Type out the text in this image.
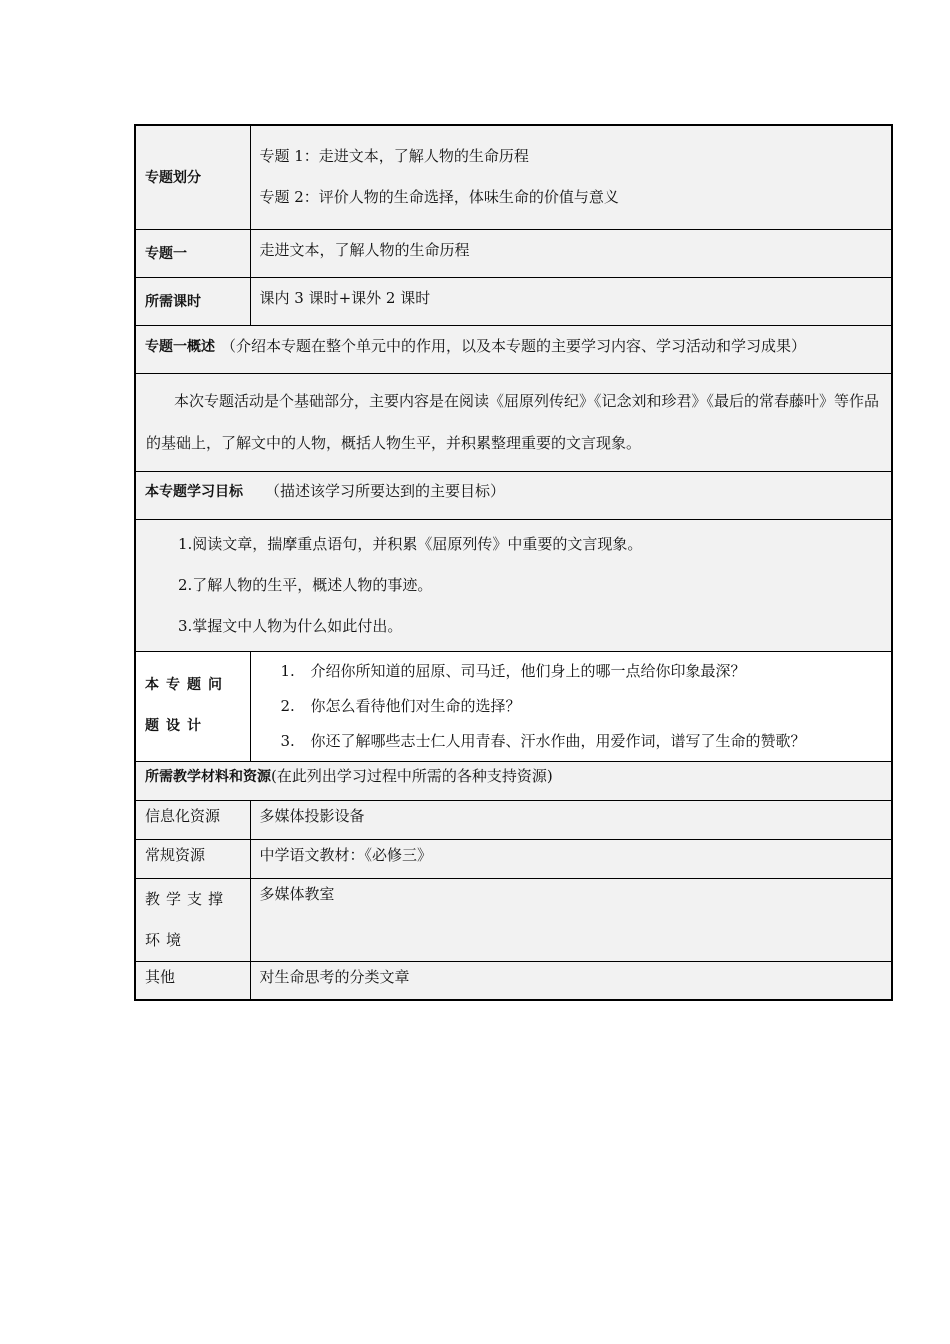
专题划分	专题 1：走进文本，了解人物的生命历程
专题 2：评价人物的生命选择，体味生命的价值与意义

专题一	走进文本，了解人物的生命历程
所需课时	课内 3 课时+课外 2 课时
专题一概述 （介绍本专题在整个单元中的作用，以及本专题的主要学习内容、学习活动和学习成果）	
本次专题活动是个基础部分，主要内容是在阅读《屈原列传纪》《记念刘和珍君》《最后的常春藤叶》等作品的基础上，了解文中的人物，概括人物生平，并积累整理重要的文言现象。	
本专题学习目标 （描述该学习所要达到的主要目标）	

1.阅读文章，揣摩重点语句，并积累《屈原列传》中重要的文言现象。
2.了解人物的生平，概述人物的事迹。
3.掌握文中人物为什么如此付出。	

本专题问题设计	1. 介绍你所知道的屈原、司马迁，他们身上的哪一点给你印象最深？
2. 你怎么看待他们对生命的选择？
3. 你还了解哪些志士仁人用青春、汗水作曲，用爱作词，谱写了生命的赞歌？

所需教学材料和资源(在此列出学习过程中所需的各种支持资源)	
信息化资源	多媒体投影设备
常规资源	中学语文教材：《必修三》
教学支撑环境	多媒体教室
其他	对生命思考的分类文章
